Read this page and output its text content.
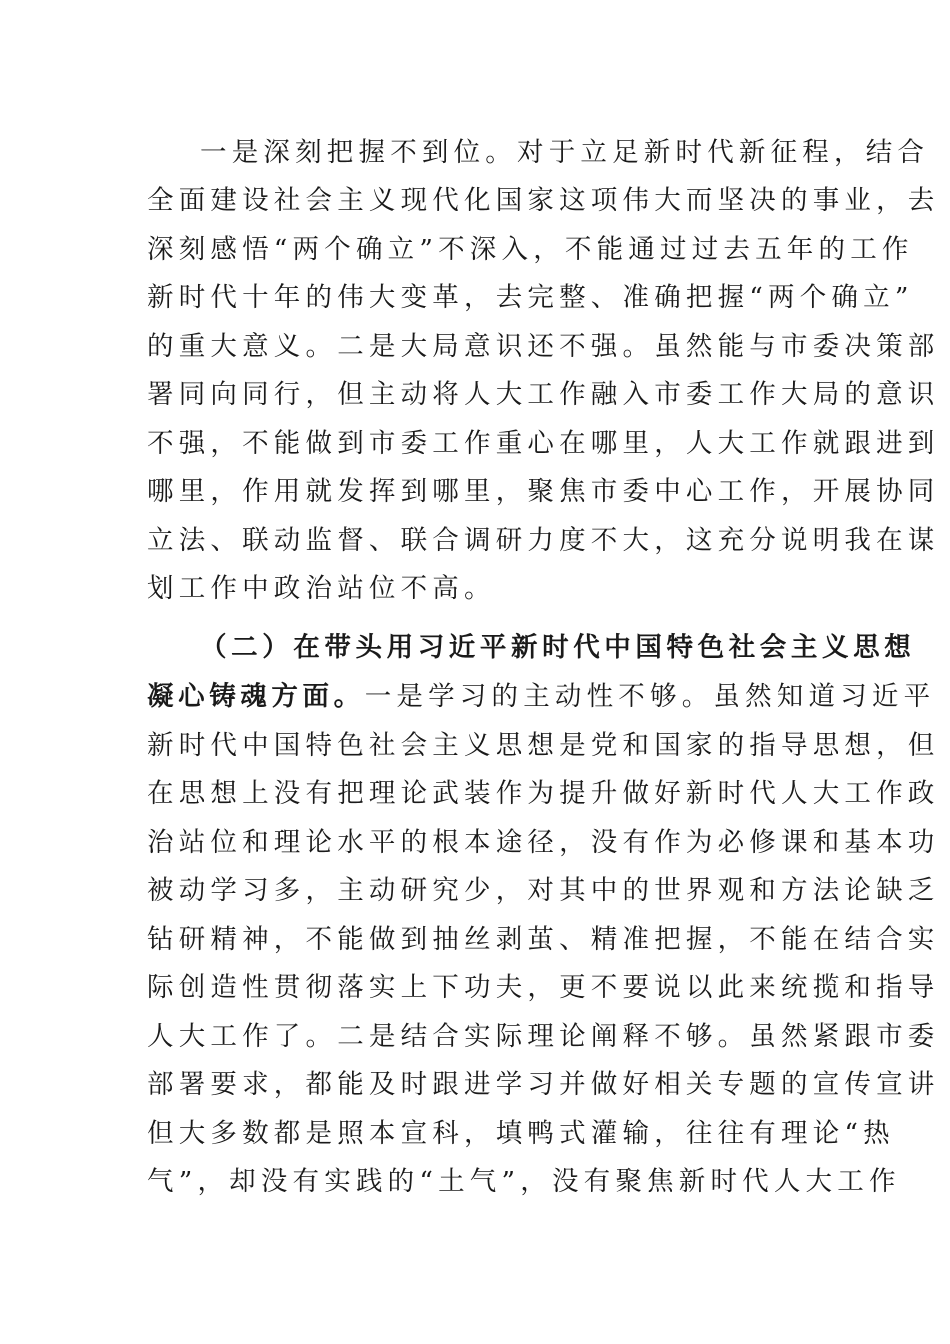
一是深刻把握不到位。对于立足新时代新征程，结合
全面建设社会主义现代化国家这项伟大而坚决的事业，去
深刻感悟“两个确立”不深入，不能通过过去五年的工作
新时代十年的伟大变革，去完整、准确把握“两个确立”
的重大意义。二是大局意识还不强。虽然能与市委决策部
署同向同行，但主动将人大工作融入市委工作大局的意识
不强，不能做到市委工作重心在哪里，人大工作就跟进到
哪里，作用就发挥到哪里，聚焦市委中心工作，开展协同
立法、联动监督、联合调研力度不大，这充分说明我在谋
划工作中政治站位不高。
（二）在带头用习近平新时代中国特色社会主义思想
凝心铸魂方面。一是学习的主动性不够。虽然知道习近平
新时代中国特色社会主义思想是党和国家的指导思想，但
在思想上没有把理论武装作为提升做好新时代人大工作政
治站位和理论水平的根本途径，没有作为必修课和基本功
被动学习多，主动研究少，对其中的世界观和方法论缺乏
钻研精神，不能做到抽丝剥茧、精准把握，不能在结合实
际创造性贯彻落实上下功夫，更不要说以此来统揽和指导
人大工作了。二是结合实际理论阐释不够。虽然紧跟市委
部署要求，都能及时跟进学习并做好相关专题的宣传宣讲
但大多数都是照本宣科，填鸭式灌输，往往有理论“热
气”，却没有实践的“土气”，没有聚焦新时代人大工作
